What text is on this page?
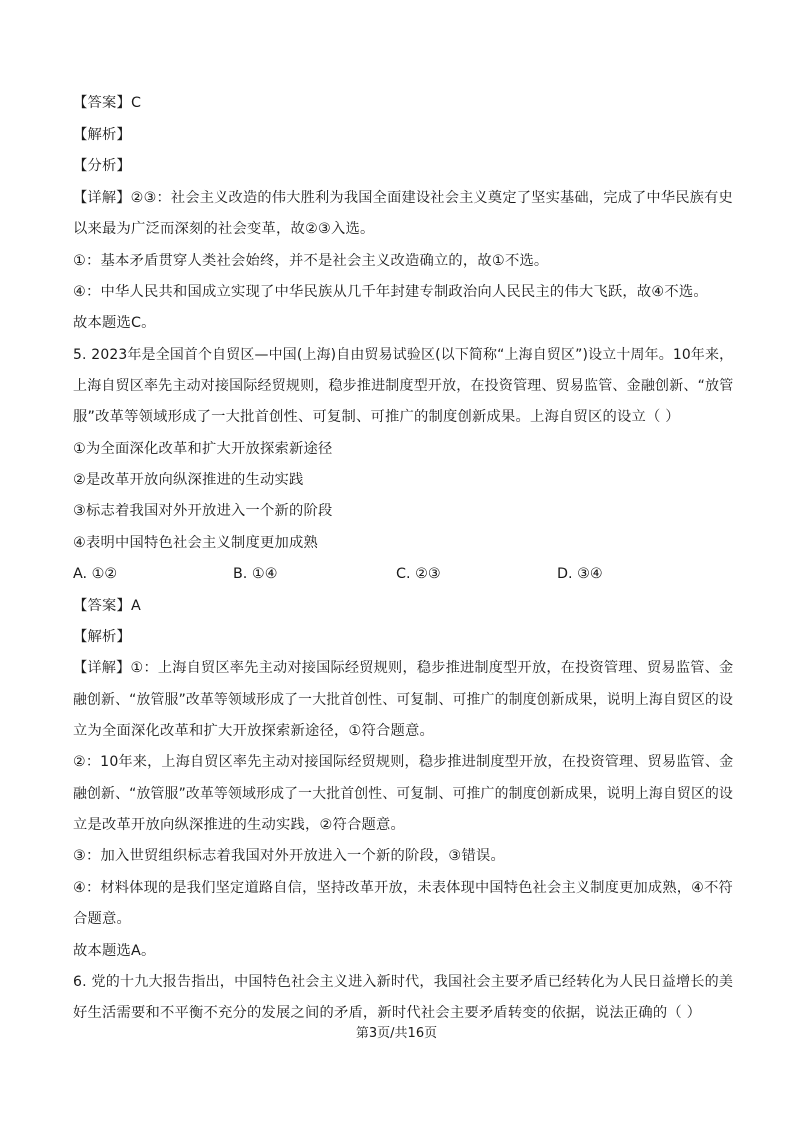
【答案】C
【解析】
【分析】
【详解】②③：社会主义改造的伟大胜利为我国全面建设社会主义奠定了坚实基础，完成了中华民族有史
以来最为广泛而深刻的社会变革，故②③入选。
①：基本矛盾贯穿人类社会始终，并不是社会主义改造确立的，故①不选。
④：中华人民共和国成立实现了中华民族从几千年封建专制政治向人民民主的伟大飞跃，故④不选。
故本题选C。
5. 2023年是全国首个自贸区—中国(上海)自由贸易试验区(以下简称“上海自贸区”)设立十周年。10年来，
上海自贸区率先主动对接国际经贸规则，稳步推进制度型开放，在投资管理、贸易监管、金融创新、“放管
服”改革等领域形成了一大批首创性、可复制、可推广的制度创新成果。上海自贸区的设立（ ）
①为全面深化改革和扩大开放探索新途径
②是改革开放向纵深推进的生动实践
③标志着我国对外开放进入一个新的阶段
④表明中国特色社会主义制度更加成熟
A. ①②	B. ①④	C. ②③	D. ③④
【答案】A
【解析】
【详解】①：上海自贸区率先主动对接国际经贸规则，稳步推进制度型开放，在投资管理、贸易监管、金
融创新、“放管服”改革等领域形成了一大批首创性、可复制、可推广的制度创新成果，说明上海自贸区的设
立为全面深化改革和扩大开放探索新途径，①符合题意。
②：10年来，上海自贸区率先主动对接国际经贸规则，稳步推进制度型开放，在投资管理、贸易监管、金
融创新、“放管服”改革等领域形成了一大批首创性、可复制、可推广的制度创新成果，说明上海自贸区的设
立是改革开放向纵深推进的生动实践，②符合题意。
③：加入世贸组织标志着我国对外开放进入一个新的阶段，③错误。
④：材料体现的是我们坚定道路自信，坚持改革开放，未表体现中国特色社会主义制度更加成熟，④不符
合题意。
故本题选A。
6. 党的十九大报告指出，中国特色社会主义进入新时代，我国社会主要矛盾已经转化为人民日益增长的美
好生活需要和不平衡不充分的发展之间的矛盾，新时代社会主要矛盾转变的依据，说法正确的（ ）
第3页/共16页
